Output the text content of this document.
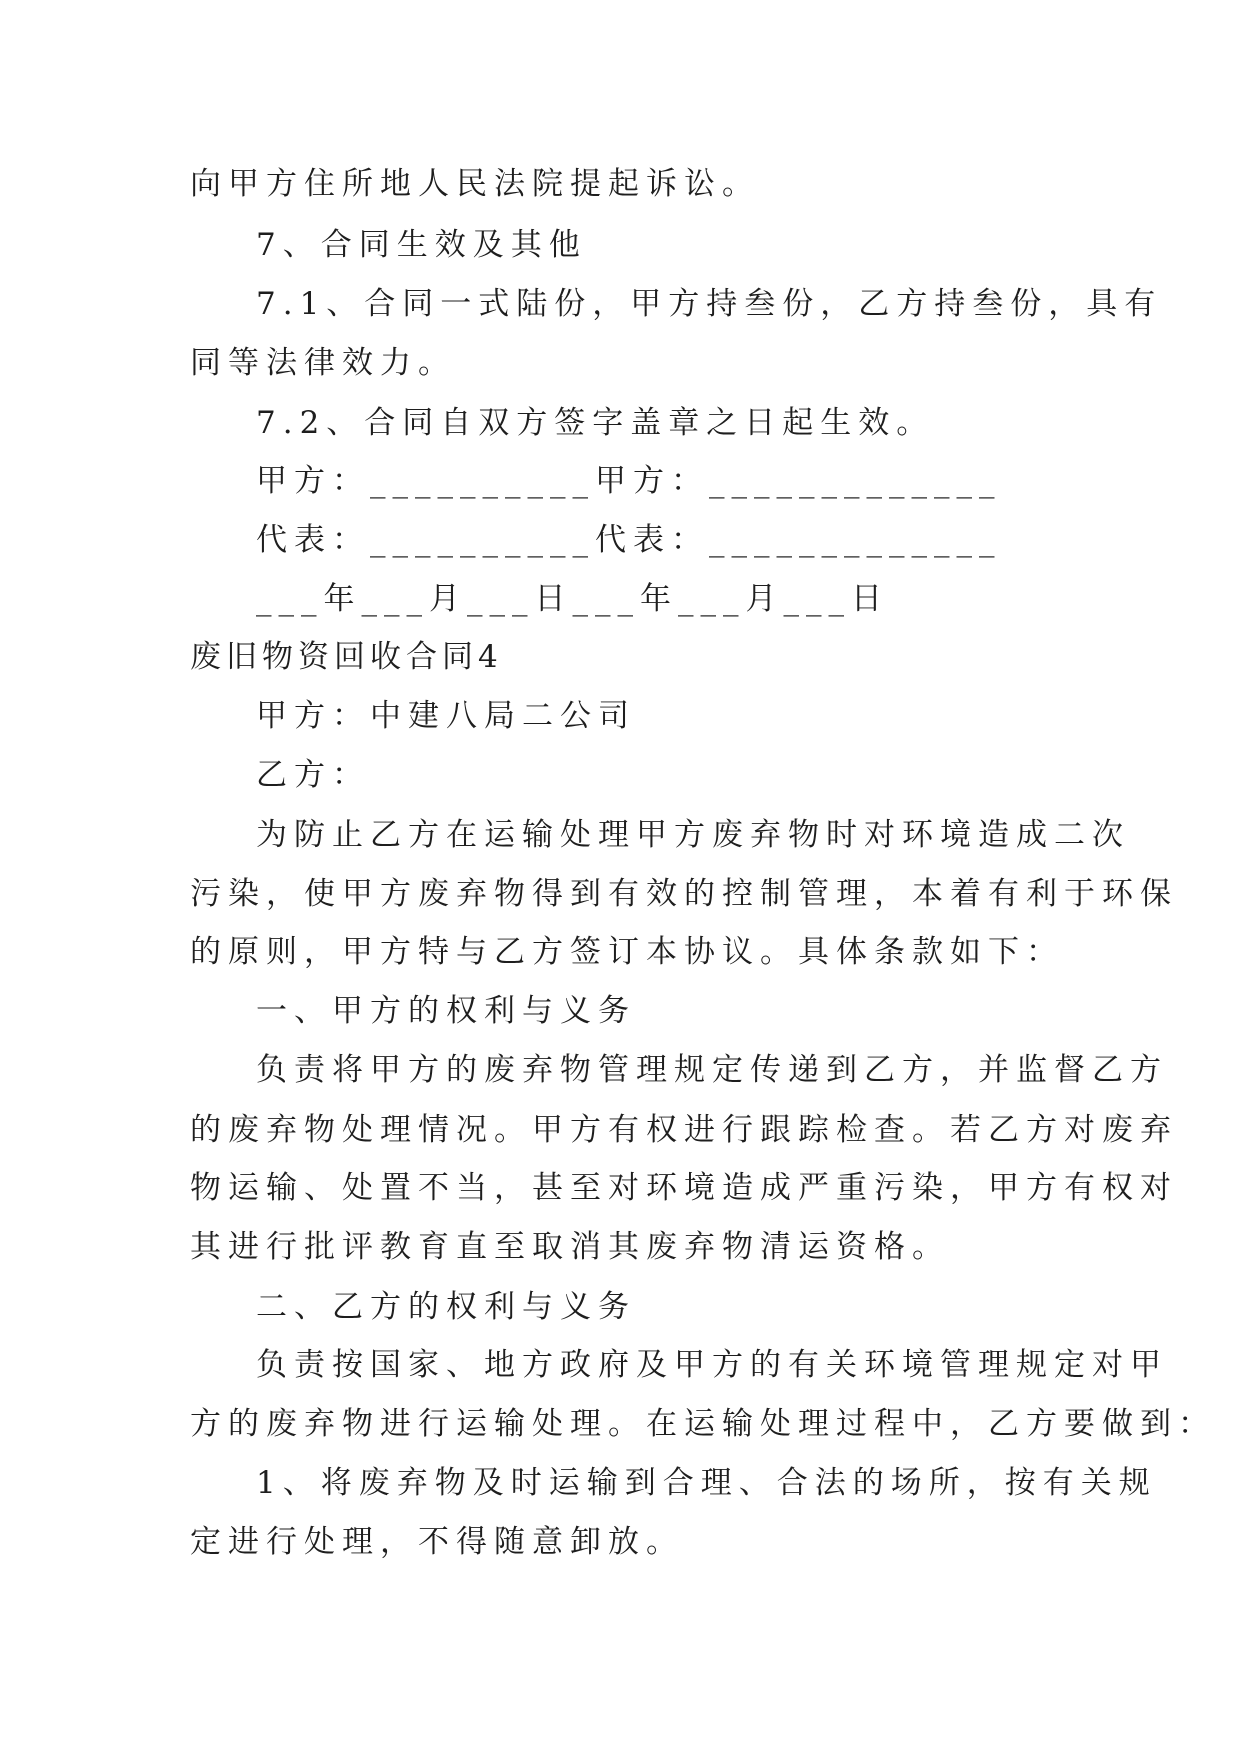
向甲方住所地人民法院提起诉讼。
7、合同生效及其他
7.1、合同一式陆份，甲方持叁份，乙方持叁份，具有
同等法律效力。
7.2、合同自双方签字盖章之日起生效。
甲方：__________甲方：_____________
代表：__________代表：_____________
___年___月___日___年___月___日
废旧物资回收合同4
甲方：中建八局二公司
乙方：
为防止乙方在运输处理甲方废弃物时对环境造成二次
污染，使甲方废弃物得到有效的控制管理，本着有利于环保
的原则，甲方特与乙方签订本协议。具体条款如下：
一、甲方的权利与义务
负责将甲方的废弃物管理规定传递到乙方，并监督乙方
的废弃物处理情况。甲方有权进行跟踪检查。若乙方对废弃
物运输、处置不当，甚至对环境造成严重污染，甲方有权对
其进行批评教育直至取消其废弃物清运资格。
二、乙方的权利与义务
负责按国家、地方政府及甲方的有关环境管理规定对甲
方的废弃物进行运输处理。在运输处理过程中，乙方要做到：
1、将废弃物及时运输到合理、合法的场所，按有关规
定进行处理，不得随意卸放。
